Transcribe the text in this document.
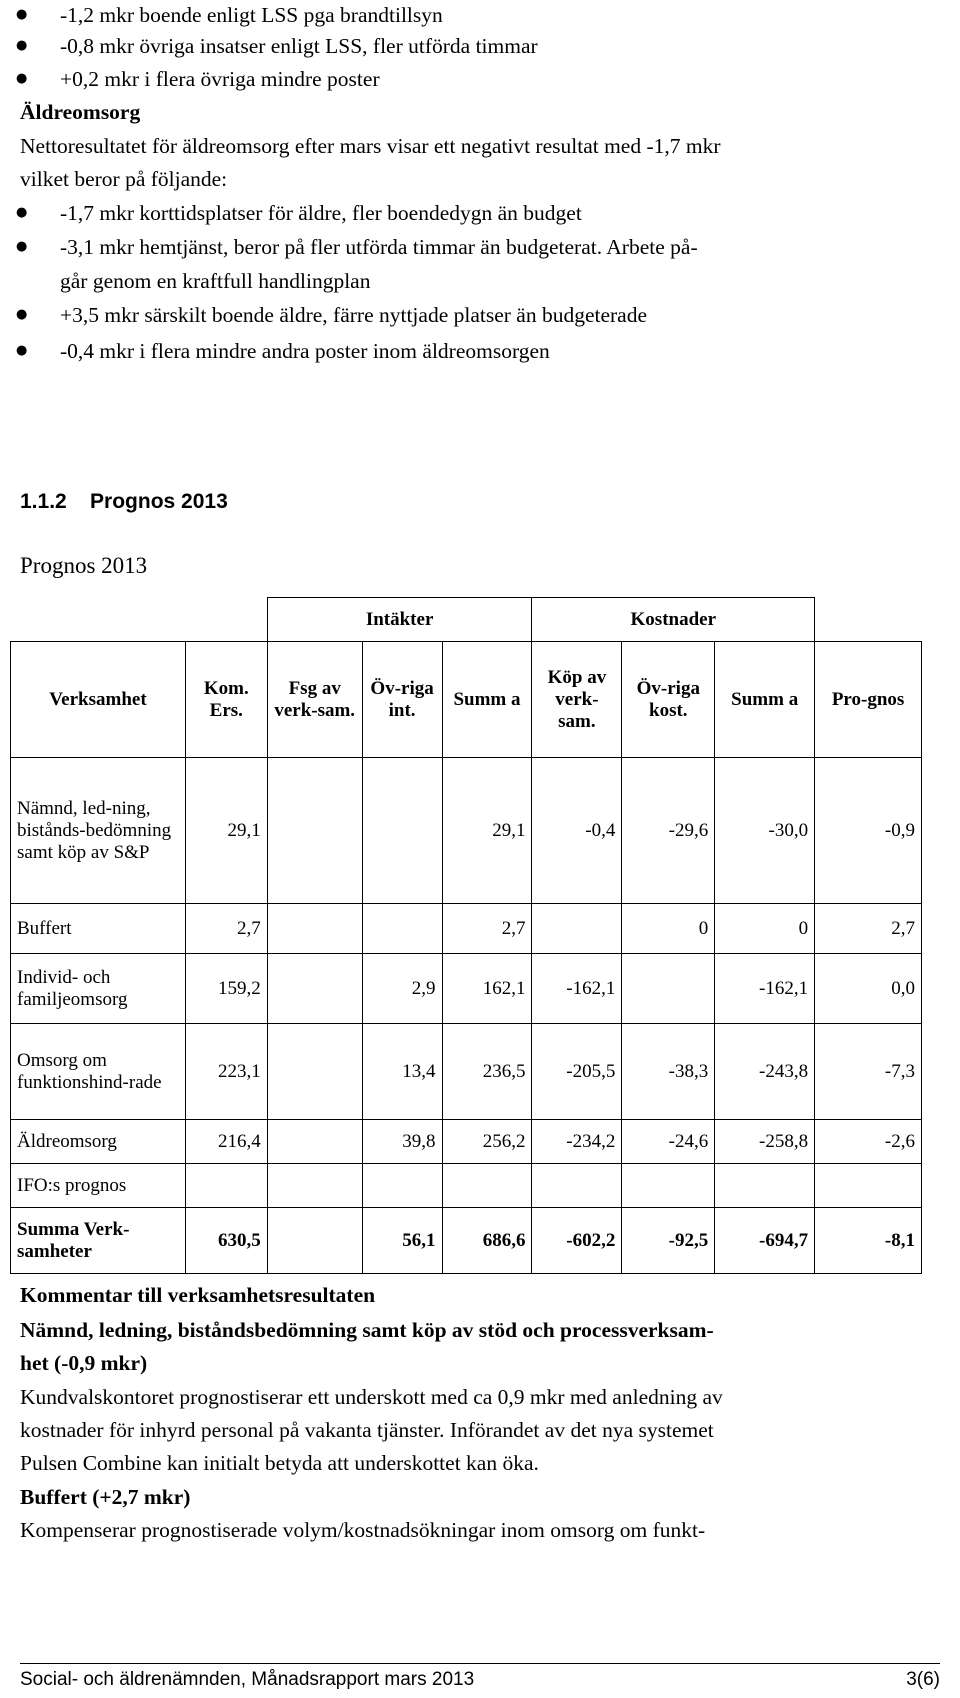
● -1,2 mkr boende enligt LSS pga brandtillsyn
● -0,8 mkr övriga insatser enligt LSS, fler utförda timmar
● +0,2 mkr i flera övriga mindre poster
Äldreomsorg
Nettoresultatet för äldreomsorg efter mars visar ett negativt resultat med -1,7 mkr
vilket beror på följande:
● -1,7 mkr korttidsplatser för äldre, fler boendedygn än budget
● -3,1 mkr hemtjänst, beror på fler utförda timmar än budgeterat. Arbete på-
går genom en kraftfull handlingplan
● +3,5 mkr särskilt boende äldre, färre nyttjade platser än budgeterade
● -0,4 mkr i flera mindre andra poster inom äldreomsorgen
1.1.2    Prognos 2013
Prognos 2013
		Intäkter			Kostnader			
Verksamhet	Kom. Ers.	Fsg av verk-sam.	Öv-riga int.	Summ a	Köp av verk-sam.	Öv-riga kost.	Summ a	Pro-gnos
Nämnd, led-ning, bistånds-bedömning samt köp av S&P	29,1			29,1	-0,4	-29,6	-30,0	-0,9
Buffert	2,7			2,7		0	0	2,7
Individ- och familjeomsorg	159,2		2,9	162,1	-162,1		-162,1	0,0
Omsorg om funktionshind-rade	223,1		13,4	236,5	-205,5	-38,3	-243,8	-7,3
Äldreomsorg	216,4		39,8	256,2	-234,2	-24,6	-258,8	-2,6
IFO:s prognos								
Summa Verk-samheter	630,5		56,1	686,6	-602,2	-92,5	-694,7	-8,1
Kommentar till verksamhetsresultaten
Nämnd, ledning, biståndsbedömning samt köp av stöd och processverksam-
het (-0,9 mkr)
Kundvalskontoret prognostiserar ett underskott med ca 0,9 mkr med anledning av
kostnader för inhyrd personal på vakanta tjänster. Införandet av det nya systemet
Pulsen Combine kan initialt betyda att underskottet kan öka.
Buffert (+2,7 mkr)
Kompenserar prognostiserade volym/kostnadsökningar inom omsorg om funkt-
Social- och äldrenämnden, Månadsrapport mars 2013	3(6)
